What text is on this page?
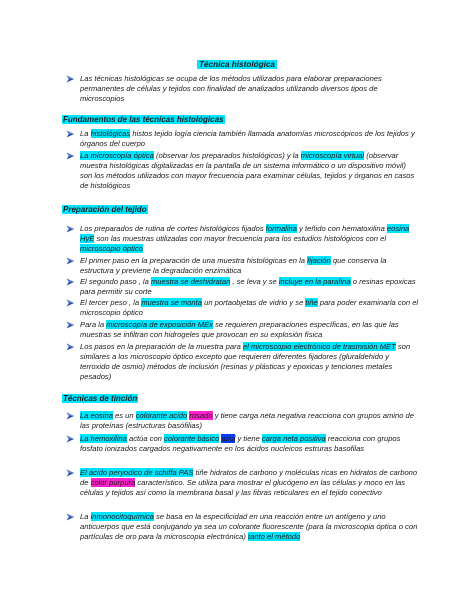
Técnica histológica
Las técnicas histológicas se ocupa de los métodos utilizados para elaborar preparaciones permanentes de células y tejidos con finalidad de analizados utilizando diversos tipos de microscopios
Fundamentos de las técnicas histológicas
La histológicas histos tejido logía ciencia también llamada anatomías microscópicos de los tejidos y órganos del cuerpo
La microscopía óptica (observar los preparados histológicos) y la microscopía virtual (observar muestra histológicas digitalizadas en la pantalla de un sistema informático o un dispositivo móvil) son los métodos utilizados con mayor frecuencia para examinar células, tejidos y órganos en casos de histológicos
Preparación del tejido
Los preparados de rutina de cortes histológicos fijados formalina y teñido con hematoxilina eosina HyE son las muestras utilizadas con mayor frecuencia para los estudios histológicos con el microscopio óptico
El primer paso en la preparación de una muestra histológicas en la fijación que conserva la estructura y previene la degradación enzimática
El segundo paso , la muestra se deshidratan , se leva y se incluye en la parafina o resinas epoxicas para permitir su corte
El tercer peso , la muestra se monta un portaobjetas de vidrio y se tiñe para poder examinarla con el microscopio óptico
Para la microscopía de exposición MEx se requieren preparaciones específicas, en las que las muestras se infiltran con hidrogeles que provocan en su explosión física
Los pasos en la preparación de la muestra para el microscopio electrónico de trasmisión MET son similares a los microscopio óptico excepto que requieren diferentes fijadores (gluraldehido y terroxido de osmio) métodos de inclusión (resinas y plásticas y epoxicas y tenciones metales pesados)
Técnicas de tinción
La eosina es un colorante acido rosado y tiene carga neta negativa reacciona con grupos amino de las proteínas (estructuras basófilias)
La hemoxilina actúa con colorante básico azul y tiene carga neta positiva reacciona con grupos fosfato ionizados cargados negativamente en los ácidos nucleicos estruras basofilas
El ácido peryodico de schiffa PAS tiñe hidratos de carbono y moléculas ricas en hidratos de carbono de color purpura característico. Se utiliza para mostrar el glucógeno en las células y moco en las células y tejidos así como la membrana basal y las fibras reticulares en el tejido conectivo
La inmonocitoquímica se basa en la especificidad en una reacción entre un antígeno y uno anticuerpos que está conjugando ya sea un colorante fluorescente (para la microscopia óptica o con partículas de oro para la microscopia electrónica) tanto el método
